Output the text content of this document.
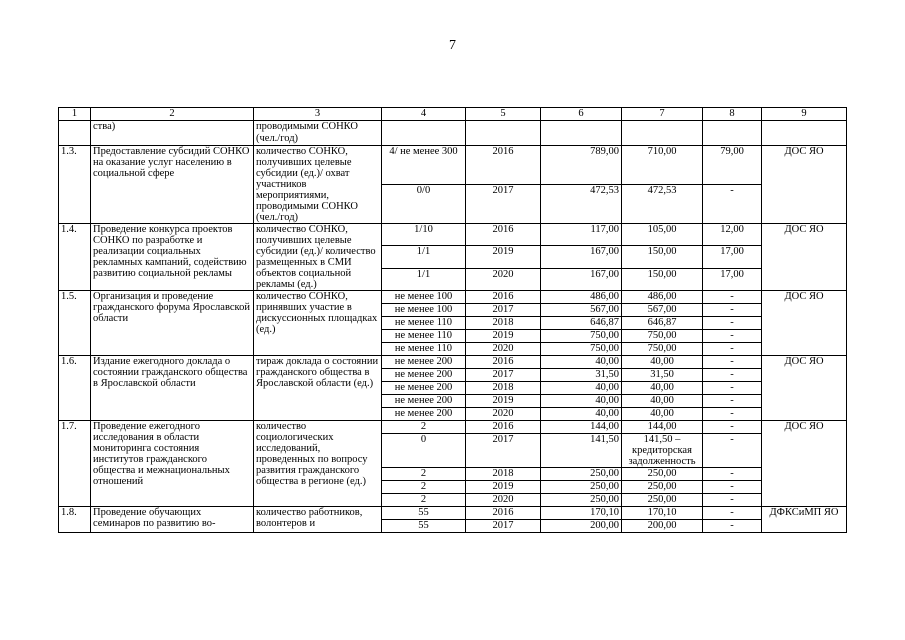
7
1	2	3	4	5	6	7	8	9
	ства)	проводимыми СОНКО (чел./год)						
1.3.	Предоставление субсидий СОНКО на оказание услуг населению в социальной сфере	количество СОНКО, получивших целевые субсидии (ед.)/ охват участников мероприятиями, проводимыми СОНКО (чел./год)	4/ не менее 300	2016	789,00	710,00	79,00	ДОС ЯО
			0/0	2017	472,53	472,53	-	
1.4.	Проведение конкурса проектов СОНКО по разработке и реализации социальных рекламных кампаний, содействию развитию социальной рекламы	количество СОНКО, получивших целевые субсидии (ед.)/ количество размещенных в СМИ объектов социальной рекламы (ед.)	1/10	2016	117,00	105,00	12,00	ДОС ЯО
			1/1	2019	167,00	150,00	17,00	
			1/1	2020	167,00	150,00	17,00	
1.5.	Организация и проведение гражданского форума Ярославской области	количество СОНКО, принявших участие в дискуссионных площадках (ед.)	не менее 100	2016	486,00	486,00	-	ДОС ЯО
			не менее 100	2017	567,00	567,00	-	
			не менее 110	2018	646,87	646,87	-	
			не менее 110	2019	750,00	750,00	-	
			не менее 110	2020	750,00	750,00	-	
1.6.	Издание ежегодного доклада о состоянии гражданского общества в Ярославской области	тираж доклада о состоянии гражданского общества в Ярославской области (ед.)	не менее 200	2016	40,00	40,00	-	ДОС ЯО
			не менее 200	2017	31,50	31,50	-	
			не менее 200	2018	40,00	40,00	-	
			не менее 200	2019	40,00	40,00	-	
			не менее 200	2020	40,00	40,00	-	
1.7.	Проведение ежегодного исследования в области мониторинга состояния институтов гражданского общества и межнациональных отношений	количество социологических исследований, проведенных по вопросу развития гражданского общества в регионе (ед.)	2	2016	144,00	144,00	-	ДОС ЯО
			0	2017	141,50	141,50 – кредиторская задолженность	-	
			2	2018	250,00	250,00	-	
			2	2019	250,00	250,00	-	
			2	2020	250,00	250,00	-	
1.8.	Проведение обучающих семинаров по развитию во-	количество работников, волонтеров и	55	2016	170,10	170,10	-	ДФКСиМП ЯО
			55	2017	200,00	200,00	-	
